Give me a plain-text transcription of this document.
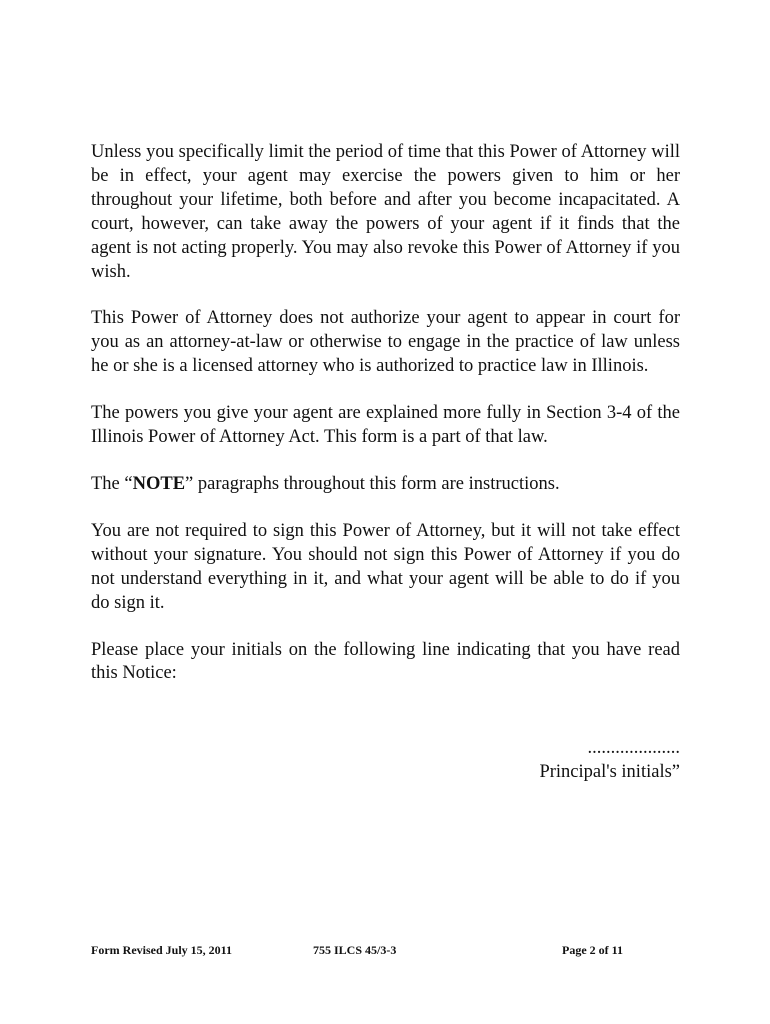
Unless you specifically limit the period of time that this Power of Attorney will be in effect, your agent may exercise the powers given to him or her throughout your lifetime, both before and after you become incapacitated. A court, however, can take away the powers of your agent if it finds that the agent is not acting properly. You may also revoke this Power of Attorney if you wish.

This Power of Attorney does not authorize your agent to appear in court for you as an attorney-at-law or otherwise to engage in the practice of law unless he or she is a licensed attorney who is authorized to practice law in Illinois.

The powers you give your agent are explained more fully in Section 3-4 of the Illinois Power of Attorney Act. This form is a part of that law.

The “NOTE” paragraphs throughout this form are instructions.

You are not required to sign this Power of Attorney, but it will not take effect without your signature. You should not sign this Power of Attorney if you do not understand everything in it, and what your agent will be able to do if you do sign it.

Please place your initials on the following line indicating that you have read this Notice:

....................
Principal's initials”
Form Revised July 15, 2011	755 ILCS 45/3-3	Page 2 of 11
